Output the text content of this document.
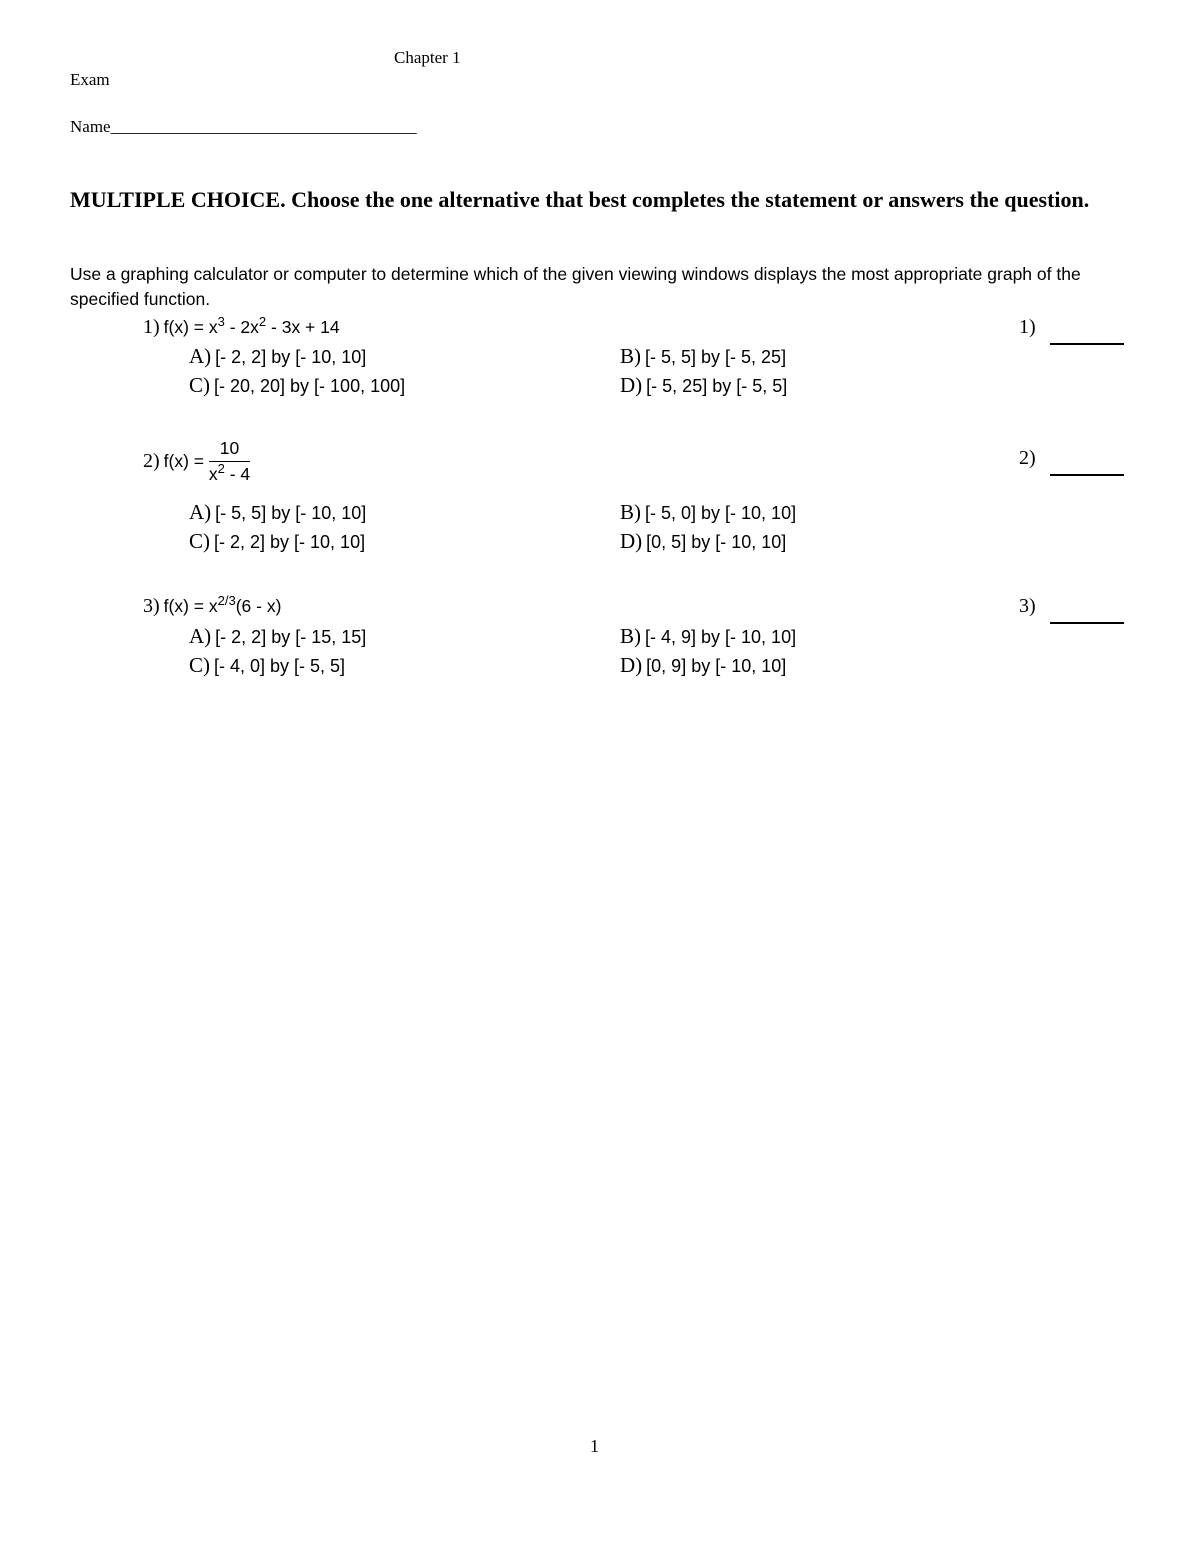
Chapter 1
Exam
Name____________________________________
MULTIPLE CHOICE. Choose the one alternative that best completes the statement or answers the question.
Use a graphing calculator or computer to determine which of the given viewing windows displays the most appropriate graph of the specified function.
1) $f(x) = x^3 - 2x^2 - 3x + 14$
A) [- 2, 2] by [- 10, 10]	B) [- 5, 5] by [- 5, 25]
C) [- 20, 20] by [- 100, 100]	D) [- 5, 25] by [- 5, 5]
1)
2) $f(x) = \frac{10}{x^2 - 4}$
A) [- 5, 5] by [- 10, 10]	B) [- 5, 0] by [- 10, 10]
C) [- 2, 2] by [- 10, 10]	D) [0, 5] by [- 10, 10]
2)
3) $f(x) = x^{2/3}(6 - x)$
A) [- 2, 2] by [- 15, 15]	B) [- 4, 9] by [- 10, 10]
C) [- 4, 0] by [- 5, 5]	D) [0, 9] by [- 10, 10]
3)
1
